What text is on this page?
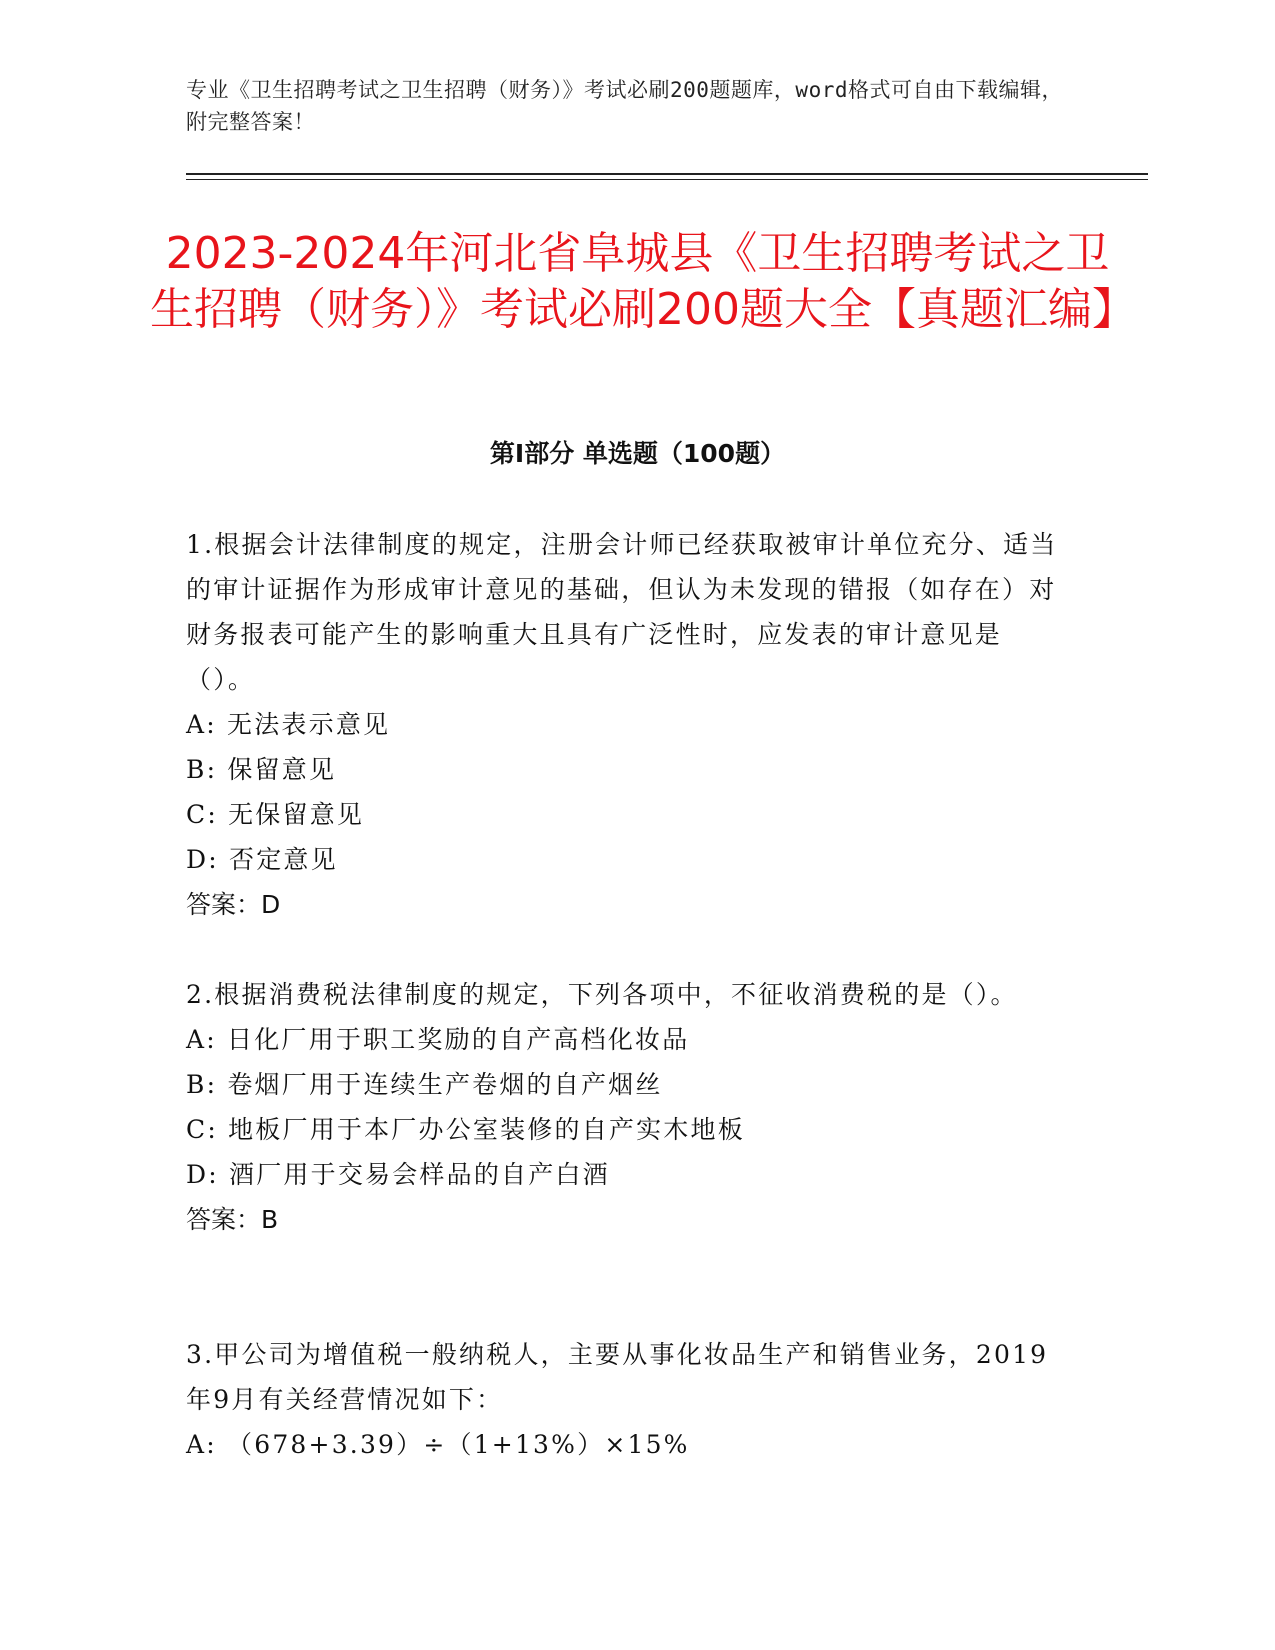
专业《卫生招聘考试之卫生招聘（财务）》考试必刷200题题库，word格式可自由下载编辑，附完整答案！
2023-2024年河北省阜城县《卫生招聘考试之卫生招聘（财务）》考试必刷200题大全【真题汇编】
第I部分 单选题（100题）

1.根据会计法律制度的规定，注册会计师已经获取被审计单位充分、适当的审计证据作为形成审计意见的基础，但认为未发现的错报（如存在）对财务报表可能产生的影响重大且具有广泛性时，应发表的审计意见是（）。

A: 无法表示意见

B: 保留意见

C: 无保留意见

D: 否定意见

答案：D

2.根据消费税法律制度的规定，下列各项中，不征收消费税的是（）。

A: 日化厂用于职工奖励的自产高档化妆品

B: 卷烟厂用于连续生产卷烟的自产烟丝

C: 地板厂用于本厂办公室装修的自产实木地板

D: 酒厂用于交易会样品的自产白酒

答案：B

3.甲公司为增值税一般纳税人，主要从事化妆品生产和销售业务，2019年9月有关经营情况如下：

A: （678+3.39）÷（1+13%）×15%
